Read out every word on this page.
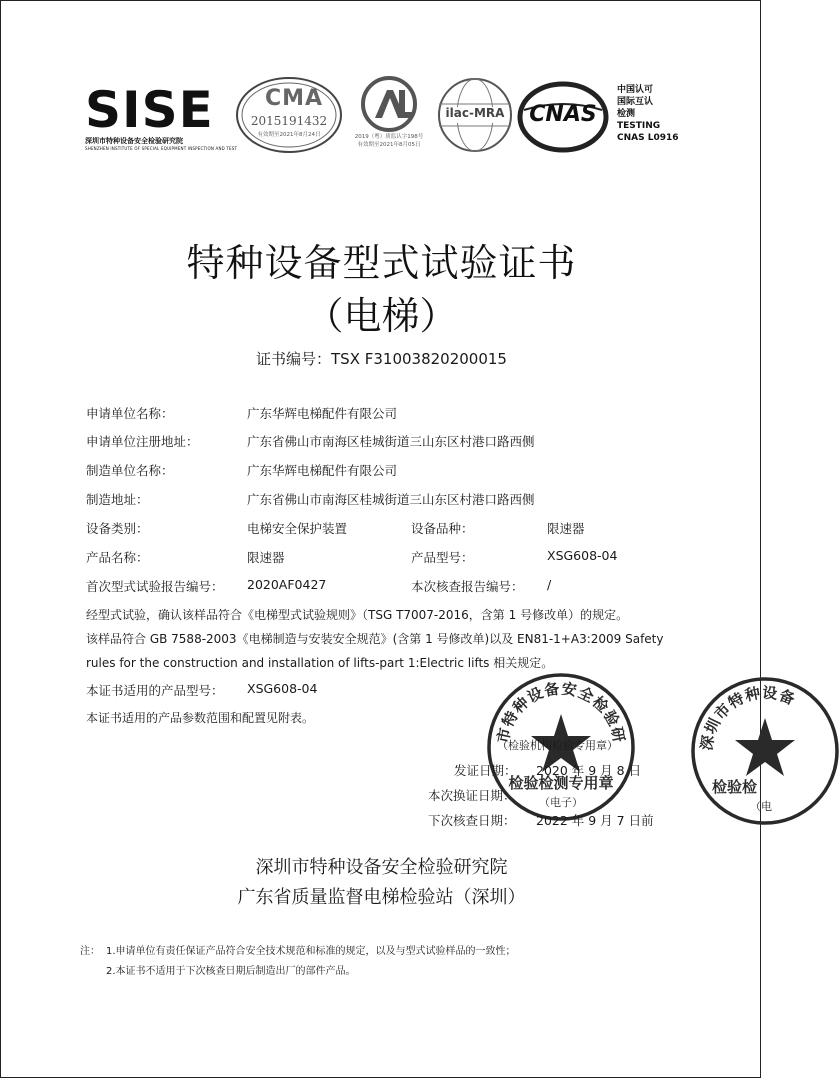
SISE
深圳市特种设备安全检验研究院
SHENZHEN INSTITUTE OF SPECIAL EQUIPMENT INSPECTION AND TEST
CMA
2015191432
有效期至2021年8月24日	2019（粤）质监认字198号
有效期至2021年8月05日
ilac-MRA	CNAS
中国认可
国际互认
检测
TESTING
CNAS L0916
特种设备型式试验证书
（电梯）
证书编号：TSX F31003820200015
申请单位名称：	广东华辉电梯配件有限公司
申请单位注册地址：	广东省佛山市南海区桂城街道三山东区村港口路西侧
制造单位名称：	广东华辉电梯配件有限公司
制造地址：	广东省佛山市南海区桂城街道三山东区村港口路西侧
设备类别：	电梯安全保护装置	设备品种：	限速器
产品名称：	限速器	产品型号：	XSG608-04
首次型式试验报告编号： 2020AF0427	本次核查报告编号： /
经型式试验，确认该样品符合《电梯型式试验规则》（TSG T7007-2016，含第 1 号修改单）的规定。
该样品符合 GB 7588-2003《电梯制造与安装安全规范》(含第 1 号修改单)以及 EN81-1+A3:2009 Safety
rules for the construction and installation of lifts-part 1:Electric lifts 相关规定。
本证书适用的产品型号： XSG608-04
本证书适用的产品参数范围和配置见附表。
市特种设备安全检验研
检验检测专用章
（电子）
深圳市特种设备
检验检
（电
（检验机构检验专用章）
发证日期： 2020 年 9 月 8 日
本次换证日期：
下次核查日期： 2022 年 9 月 7 日前
深圳市特种设备安全检验研究院
广东省质量监督电梯检验站（深圳）
注： 1.申请单位有责任保证产品符合安全技术规范和标准的规定，以及与型式试验样品的一致性；
2.本证书不适用于下次核查日期后制造出厂的部件产品。
